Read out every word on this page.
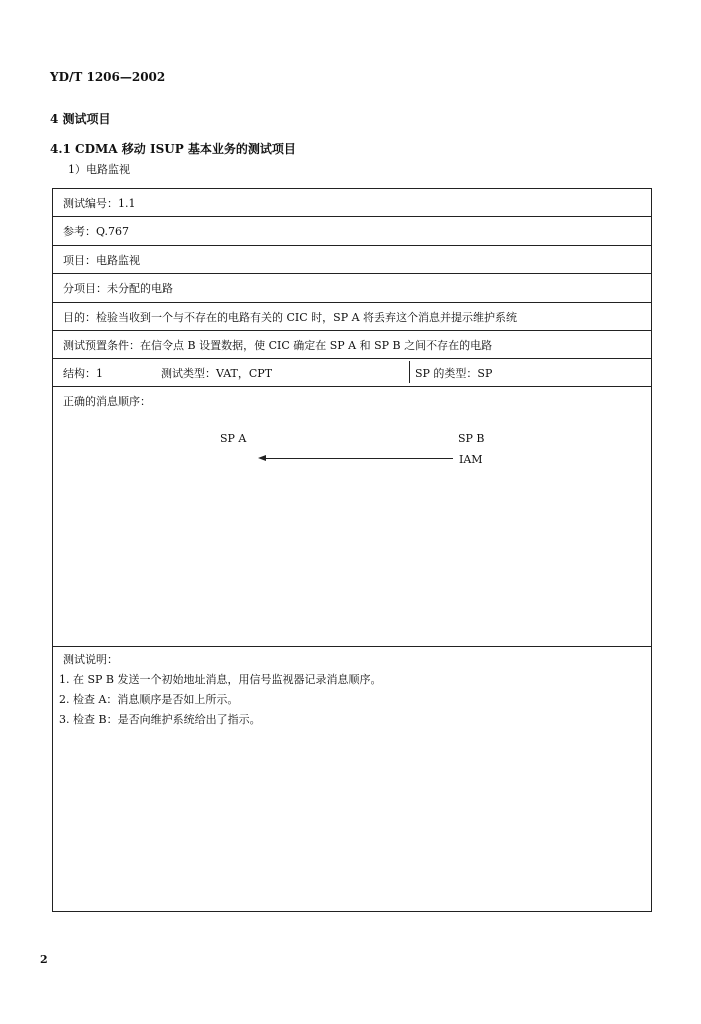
YD/T 1206—2002
4 测试项目
4.1 CDMA 移动 ISUP 基本业务的测试项目
1）电路监视
测试编号：1.1
参考：Q.767
项目：电路监视
分项目：未分配的电路
目的：检验当收到一个与不存在的电路有关的 CIC 时，SP A 将丢弃这个消息并提示维护系统
测试预置条件：在信令点 B 设置数据，使 CIC 确定在 SP A 和 SP B 之间不存在的电路
结构：1	测试类型：VAT，CPT	SP 的类型：SP
正确的消息顺序：
SP A	SP B
IAM
测试说明：
1. 在 SP B 发送一个初始地址消息，用信号监视器记录消息顺序。
2. 检查 A：消息顺序是否如上所示。
3. 检查 B：是否向维护系统给出了指示。
2
